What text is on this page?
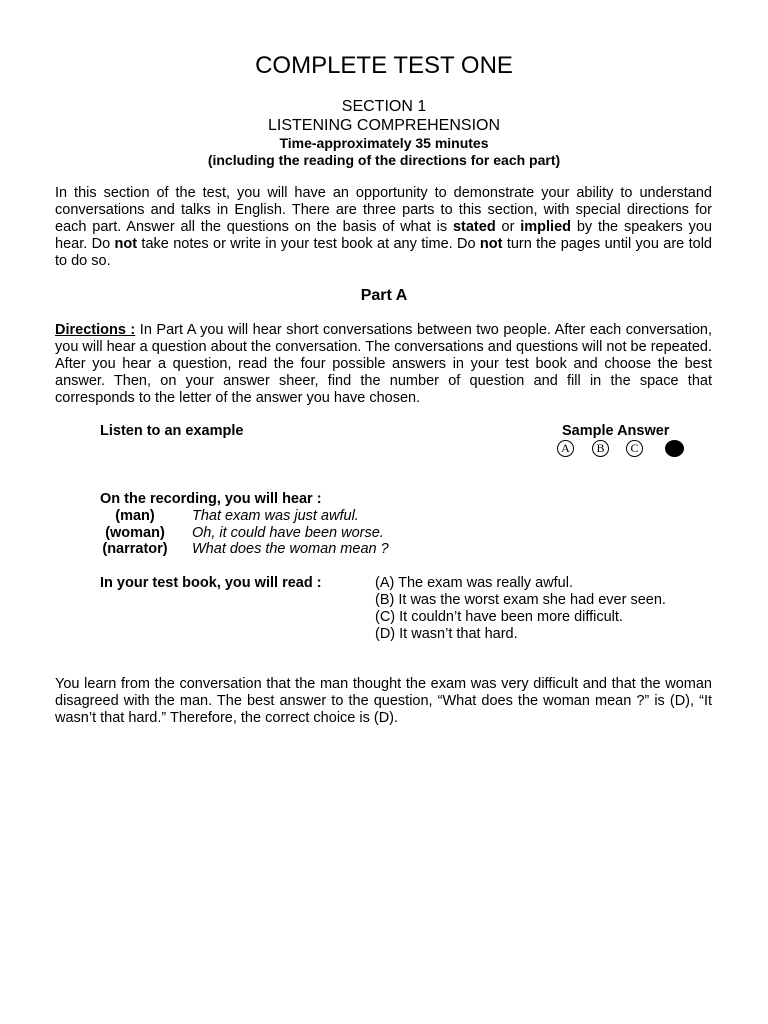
COMPLETE TEST ONE
SECTION 1
LISTENING COMPREHENSION
Time-approximately 35 minutes
(including the reading of the directions for each part)
In this section of the test, you will have an opportunity to demonstrate your ability to understand conversations and talks in English. There are three parts to this section, with special directions for each part. Answer all the questions on the basis of what is stated or implied by the speakers you hear. Do not take notes or write in your test book at any time. Do not turn the pages until you are told to do so.
Part A
Directions : In Part A you will hear short conversations between two people. After each conversation, you will hear a question about the conversation. The conversations and questions will not be repeated. After you hear a question, read the four possible answers in your test book and choose the best answer. Then, on your answer sheer, find the number of question and fill in the space that corresponds to the letter of the answer you have chosen.
Listen to an example	Sample Answer
A	B	C
On the recording, you will hear :
(man)	That exam was just awful.
(woman)	Oh, it could have been worse.
(narrator) What does the woman mean ?
In your test book, you will read :	(A) The exam was really awful.
(B) It was the worst exam she had ever seen.
(C) It couldn’t have been more difficult.
(D) It wasn’t that hard.
You learn from the conversation that the man thought the exam was very difficult and that the woman disagreed with the man. The best answer to the question, “What does the woman mean ?” is (D), “It wasn’t that hard.” Therefore, the correct choice is (D).
